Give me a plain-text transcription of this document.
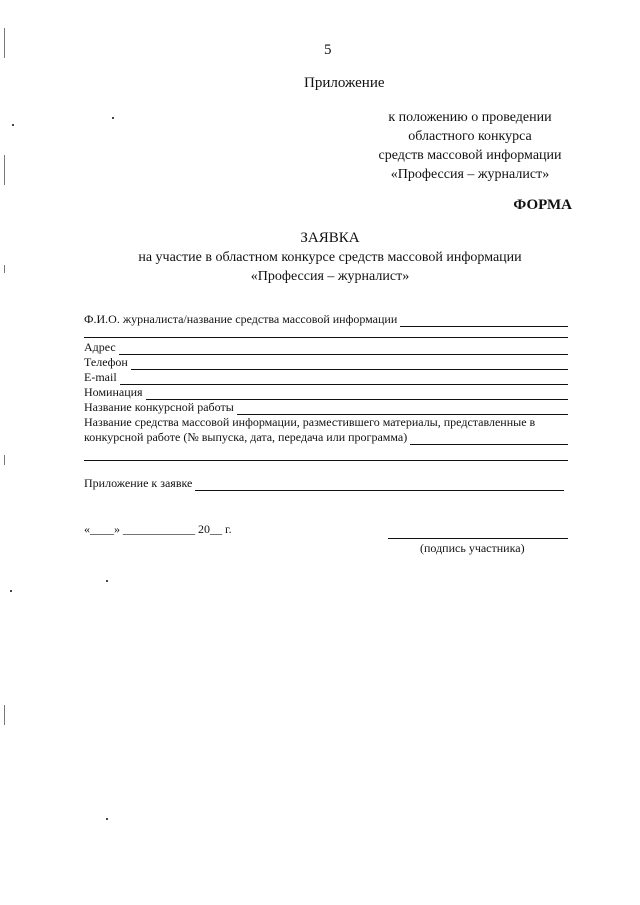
5
Приложение
к положению о проведении
областного конкурса
средств массовой информации
«Профессия – журналист»
ФОРМА
ЗАЯВКА
на участие в областном конкурсе средств массовой информации
«Профессия – журналист»
Ф.И.О. журналиста/название средства массовой информации
Адрес
Телефон
E-mail
Номинация
Название конкурсной работы
Название средства массовой информации, разместившего материалы, представленные в
конкурсной работе (№ выпуска, дата, передача или программа)
Приложение к заявке
«____» ____________ 20__ г.
(подпись участника)
